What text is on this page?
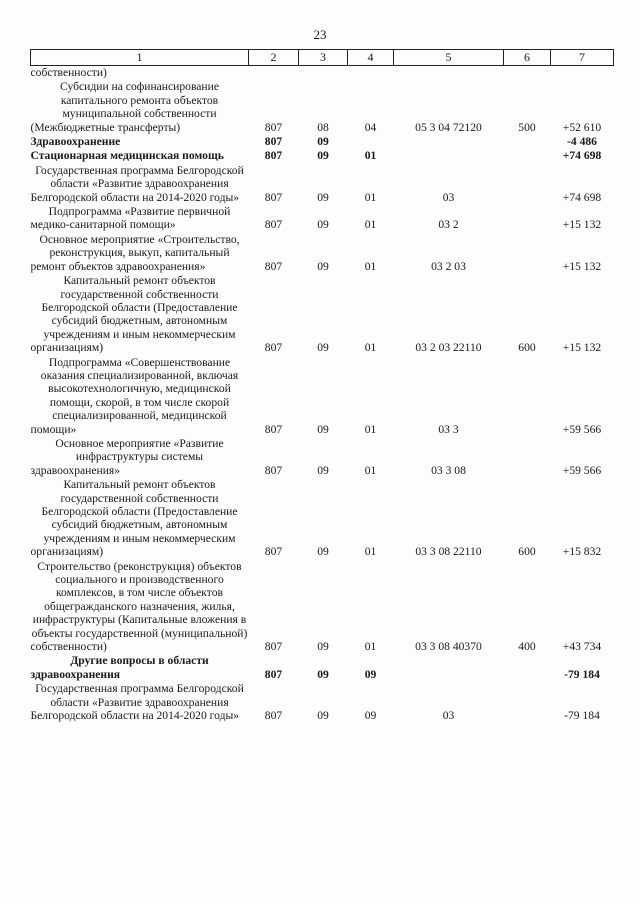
23
1	2	3	4	5	6	7
собственности)						
Субсидии на софинансирование капитального ремонта объектов муниципальной собственности (Межбюджетные трансферты)	807	08	04	05 3 04 72120	500	+52 610
Здравоохранение	807	09				-4 486
Стационарная медицинская помощь	807	09	01			+74 698
Государственная программа Белгородской области «Развитие здравоохранения Белгородской области на 2014-2020 годы»	807	09	01	03		+74 698
Подпрограмма «Развитие первичной медико-санитарной помощи»	807	09	01	03 2		+15 132
Основное мероприятие «Строительство, реконструкция, выкуп, капитальный ремонт объектов здравоохранения»	807	09	01	03 2 03		+15 132
Капитальный ремонт объектов государственной собственности Белгородской области (Предоставление субсидий бюджетным, автономным учреждениям и иным некоммерческим организациям)	807	09	01	03 2 03 22110	600	+15 132
Подпрограмма «Совершенствование оказания специализированной, включая высокотехнологичную, медицинской помощи, скорой, в том числе скорой специализированной, медицинской помощи»	807	09	01	03 3		+59 566
Основное мероприятие «Развитие инфраструктуры системы здравоохранения»	807	09	01	03 3 08		+59 566
Капитальный ремонт объектов государственной собственности Белгородской области (Предоставление субсидий бюджетным, автономным учреждениям и иным некоммерческим организациям)	807	09	01	03 3 08 22110	600	+15 832
Строительство (реконструкция) объектов социального и производственного комплексов, в том числе объектов общегражданского назначения, жилья, инфраструктуры (Капитальные вложения в объекты государственной (муниципальной) собственности)	807	09	01	03 3 08 40370	400	+43 734
Другие вопросы в области здравоохранения	807	09	09			-79 184
Государственная программа Белгородской области «Развитие здравоохранения Белгородской области на 2014-2020 годы»	807	09	09	03		-79 184
